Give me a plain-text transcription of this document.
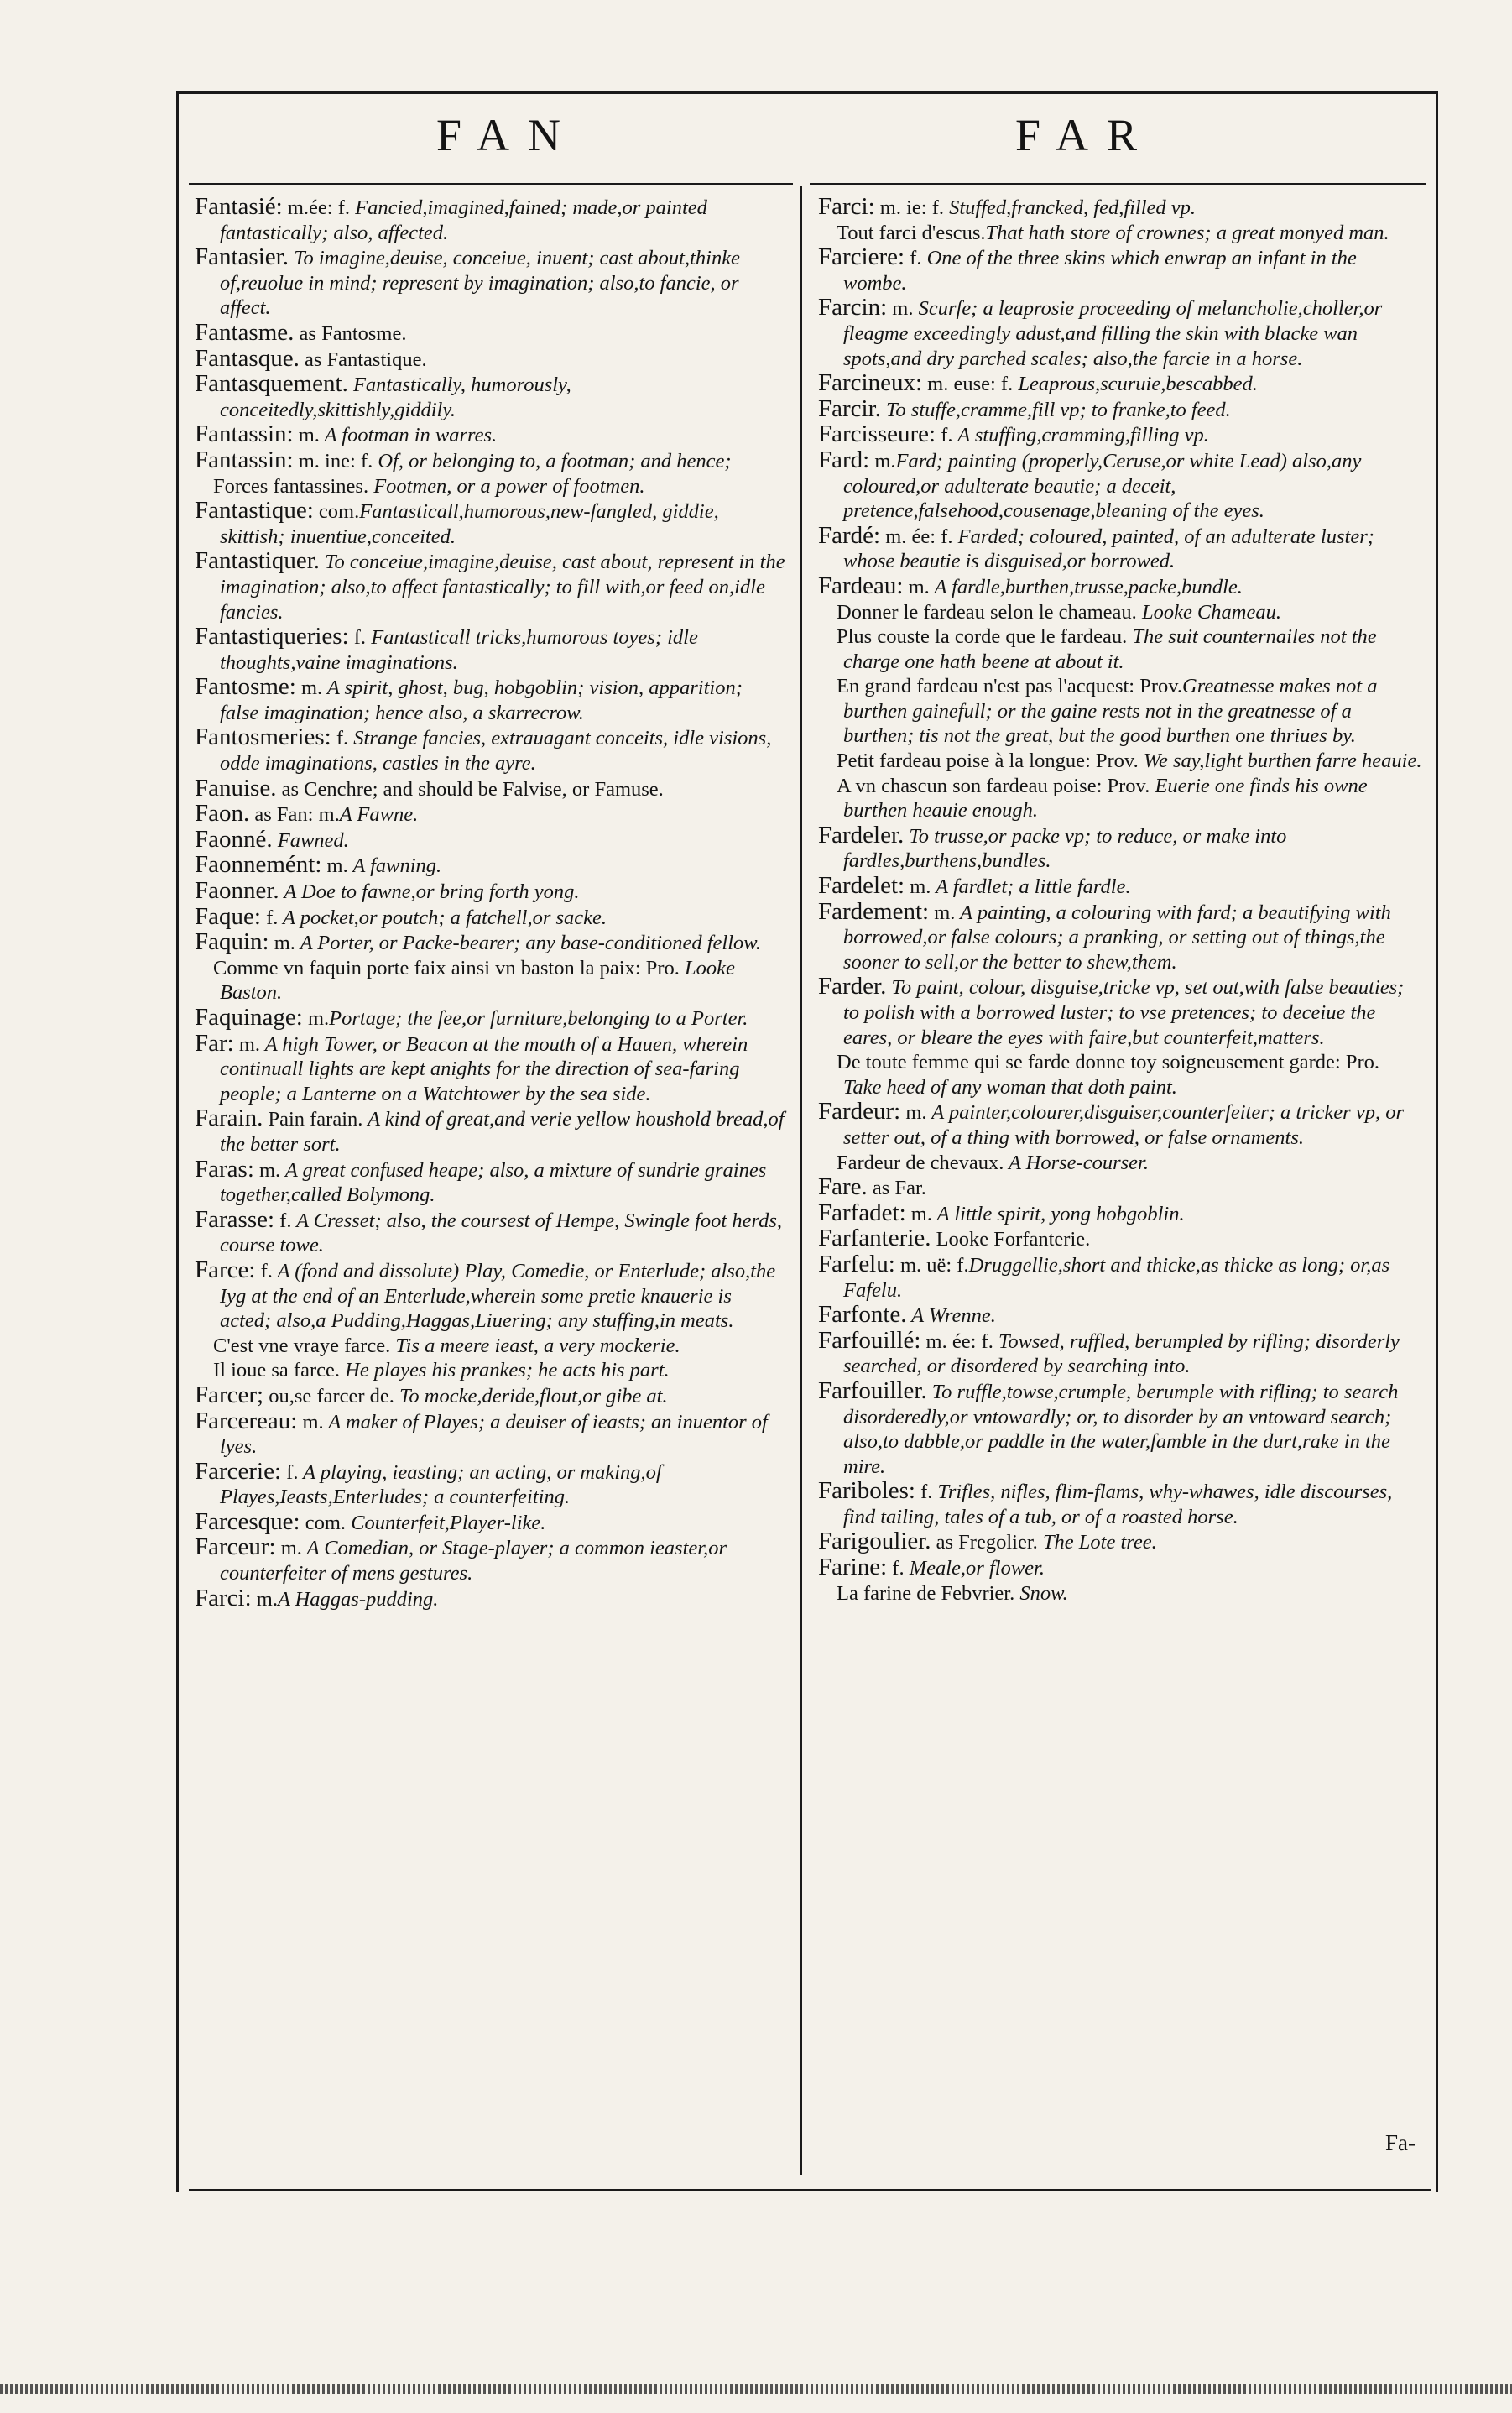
FAN	FAR

Fantasié: m.ée: f. Fancied,imagined,fained; made,or painted fantastically; also, affected.

Fantasier. To imagine,deuise, conceiue, inuent; cast about,thinke of,reuolue in mind; represent by imagination; also,to fancie, or affect.

Fantasme. as Fantosme.

Fantasque. as Fantastique.

Fantasquement. Fantastically, humorously, conceitedly,skittishly,giddily.

Fantassin: m. A footman in warres.

Fantassin: m. ine: f. Of, or belonging to, a footman; and hence;

Forces fantassines. Footmen, or a power of footmen.

Fantastique: com.Fantasticall,humorous,new-fangled, giddie, skittish; inuentiue,conceited.

Fantastiquer. To conceiue,imagine,deuise, cast about, represent in the imagination; also,to affect fantastically; to fill with,or feed on,idle fancies.

Fantastiqueries: f. Fantasticall tricks,humorous toyes; idle thoughts,vaine imaginations.

Fantosme: m. A spirit, ghost, bug, hobgoblin; vision, apparition; false imagination; hence also, a skarrecrow.

Fantosmeries: f. Strange fancies, extrauagant conceits, idle visions, odde imaginations, castles in the ayre.

Fanuise. as Cenchre; and should be Falvise, or Famuse.

Faon. as Fan: m.A Fawne.

Faonné. Fawned.

Faonnemént: m. A fawning.

Faonner. A Doe to fawne,or bring forth yong.

Faque: f. A pocket,or poutch; a fatchell,or sacke.

Faquin: m. A Porter, or Packe-bearer; any base-conditioned fellow.

Comme vn faquin porte faix ainsi vn baston la paix: Pro. Looke Baston.

Faquinage: m.Portage; the fee,or furniture,belonging to a Porter.

Far: m. A high Tower, or Beacon at the mouth of a Hauen, wherein continuall lights are kept anights for the direction of sea-faring people; a Lanterne on a Watchtower by the sea side.

Farain. Pain farain. A kind of great,and verie yellow houshold bread,of the better sort.

Faras: m. A great confused heape; also, a mixture of sundrie graines together,called Bolymong.

Farasse: f. A Cresset; also, the coursest of Hempe, Swingle foot herds, course towe.

Farce: f. A (fond and dissolute) Play, Comedie, or Enterlude; also,the Iyg at the end of an Enterlude,wherein some pretie knauerie is acted; also,a Pudding,Haggas,Liuering; any stuffing,in meats.

C'est vne vraye farce. Tis a meere ieast, a very mockerie.

Il ioue sa farce. He playes his prankes; he acts his part.

Farcer; ou,se farcer de. To mocke,deride,flout,or gibe at.

Farcereau: m. A maker of Playes; a deuiser of ieasts; an inuentor of lyes.

Farcerie: f. A playing, ieasting; an acting, or making,of Playes,Ieasts,Enterludes; a counterfeiting.

Farcesque: com. Counterfeit,Player-like.

Farceur: m. A Comedian, or Stage-player; a common ieaster,or counterfeiter of mens gestures.

Farci: m.A Haggas-pudding.

Farci: m. ie: f. Stuffed,francked, fed,filled vp.

Tout farci d'escus.That hath store of crownes; a great monyed man.

Farciere: f. One of the three skins which enwrap an infant in the wombe.

Farcin: m. Scurfe; a leaprosie proceeding of melancholie,choller,or fleagme exceedingly adust,and filling the skin with blacke wan spots,and dry parched scales; also,the farcie in a horse.

Farcineux: m. euse: f. Leaprous,scuruie,bescabbed.

Farcir. To stuffe,cramme,fill vp; to franke,to feed.

Farcisseure: f. A stuffing,cramming,filling vp.

Fard: m.Fard; painting (properly,Ceruse,or white Lead) also,any coloured,or adulterate beautie; a deceit, pretence,falsehood,cousenage,bleaning of the eyes.

Fardé: m. ée: f. Farded; coloured, painted, of an adulterate luster; whose beautie is disguised,or borrowed.

Fardeau: m. A fardle,burthen,trusse,packe,bundle.

Donner le fardeau selon le chameau. Looke Chameau.

Plus couste la corde que le fardeau. The suit counternailes not the charge one hath beene at about it.

En grand fardeau n'est pas l'acquest: Prov.Greatnesse makes not a burthen gainefull; or the gaine rests not in the greatnesse of a burthen; tis not the great, but the good burthen one thriues by.

Petit fardeau poise à la longue: Prov. We say,light burthen farre heauie.

A vn chascun son fardeau poise: Prov. Euerie one finds his owne burthen heauie enough.

Fardeler. To trusse,or packe vp; to reduce, or make into fardles,burthens,bundles.

Fardelet: m. A fardlet; a little fardle.

Fardement: m. A painting, a colouring with fard; a beautifying with borrowed,or false colours; a pranking, or setting out of things,the sooner to sell,or the better to shew,them.

Farder. To paint, colour, disguise,tricke vp, set out,with false beauties; to polish with a borrowed luster; to vse pretences; to deceiue the eares, or bleare the eyes with faire,but counterfeit,matters.

De toute femme qui se farde donne toy soigneusement garde: Pro. Take heed of any woman that doth paint.

Fardeur: m. A painter,colourer,disguiser,counterfeiter; a tricker vp, or setter out, of a thing with borrowed, or false ornaments.

Fardeur de chevaux. A Horse-courser.

Fare. as Far.

Farfadet: m. A little spirit, yong hobgoblin.

Farfanterie. Looke Forfanterie.

Farfelu: m. uë: f.Druggellie,short and thicke,as thicke as long; or,as Fafelu.

Farfonte. A Wrenne.

Farfouillé: m. ée: f. Towsed, ruffled, berumpled by rifling; disorderly searched, or disordered by searching into.

Farfouiller. To ruffle,towse,crumple, berumple with rifling; to search disorderedly,or vntowardly; or, to disorder by an vntoward search; also,to dabble,or paddle in the water,famble in the durt,rake in the mire.

Fariboles: f. Trifles, nifles, flim-flams, why-whawes, idle discourses, find tailing, tales of a tub, or of a roasted horse.

Farigoulier. as Fregolier. The Lote tree.

Farine: f. Meale,or flower.

La farine de Febvrier. Snow.

Fa-
